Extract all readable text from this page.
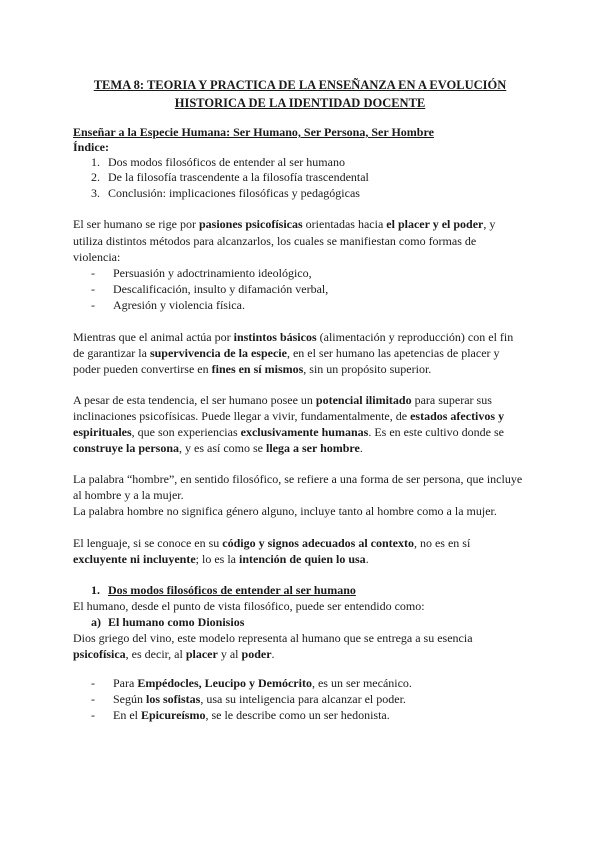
TEMA 8: TEORIA Y PRACTICA DE LA ENSEÑANZA EN A EVOLUCIÓN
HISTORICA DE LA IDENTIDAD DOCENTE
Enseñar a la Especie Humana: Ser Humano, Ser Persona, Ser Hombre
Índice:
1. Dos modos filosóficos de entender al ser humano
2. De la filosofía trascendente a la filosofía trascendental
3. Conclusión: implicaciones filosóficas y pedagógicas
El ser humano se rige por pasiones psicofísicas orientadas hacia el placer y el poder, y
utiliza distintos métodos para alcanzarlos, los cuales se manifiestan como formas de
violencia:
- Persuasión y adoctrinamiento ideológico,
- Descalificación, insulto y difamación verbal,
- Agresión y violencia física.
Mientras que el animal actúa por instintos básicos (alimentación y reproducción) con el fin
de garantizar la supervivencia de la especie, en el ser humano las apetencias de placer y
poder pueden convertirse en fines en sí mismos, sin un propósito superior.
A pesar de esta tendencia, el ser humano posee un potencial ilimitado para superar sus
inclinaciones psicofísicas. Puede llegar a vivir, fundamentalmente, de estados afectivos y
espirituales, que son experiencias exclusivamente humanas. Es en este cultivo donde se
construye la persona, y es así como se llega a ser hombre.
La palabra “hombre”, en sentido filosófico, se refiere a una forma de ser persona, que incluye
al hombre y a la mujer.
La palabra hombre no significa género alguno, incluye tanto al hombre como a la mujer.
El lenguaje, si se conoce en su código y signos adecuados al contexto, no es en sí
excluyente ni incluyente; lo es la intención de quien lo usa.
1. Dos modos filosóficos de entender al ser humano
El humano, desde el punto de vista filosófico, puede ser entendido como:
a) El humano como Dionisios
Dios griego del vino, este modelo representa al humano que se entrega a su esencia
psicofísica, es decir, al placer y al poder.
- Para Empédocles, Leucipo y Demócrito, es un ser mecánico.
- Según los sofistas, usa su inteligencia para alcanzar el poder.
- En el Epicureísmo, se le describe como un ser hedonista.
